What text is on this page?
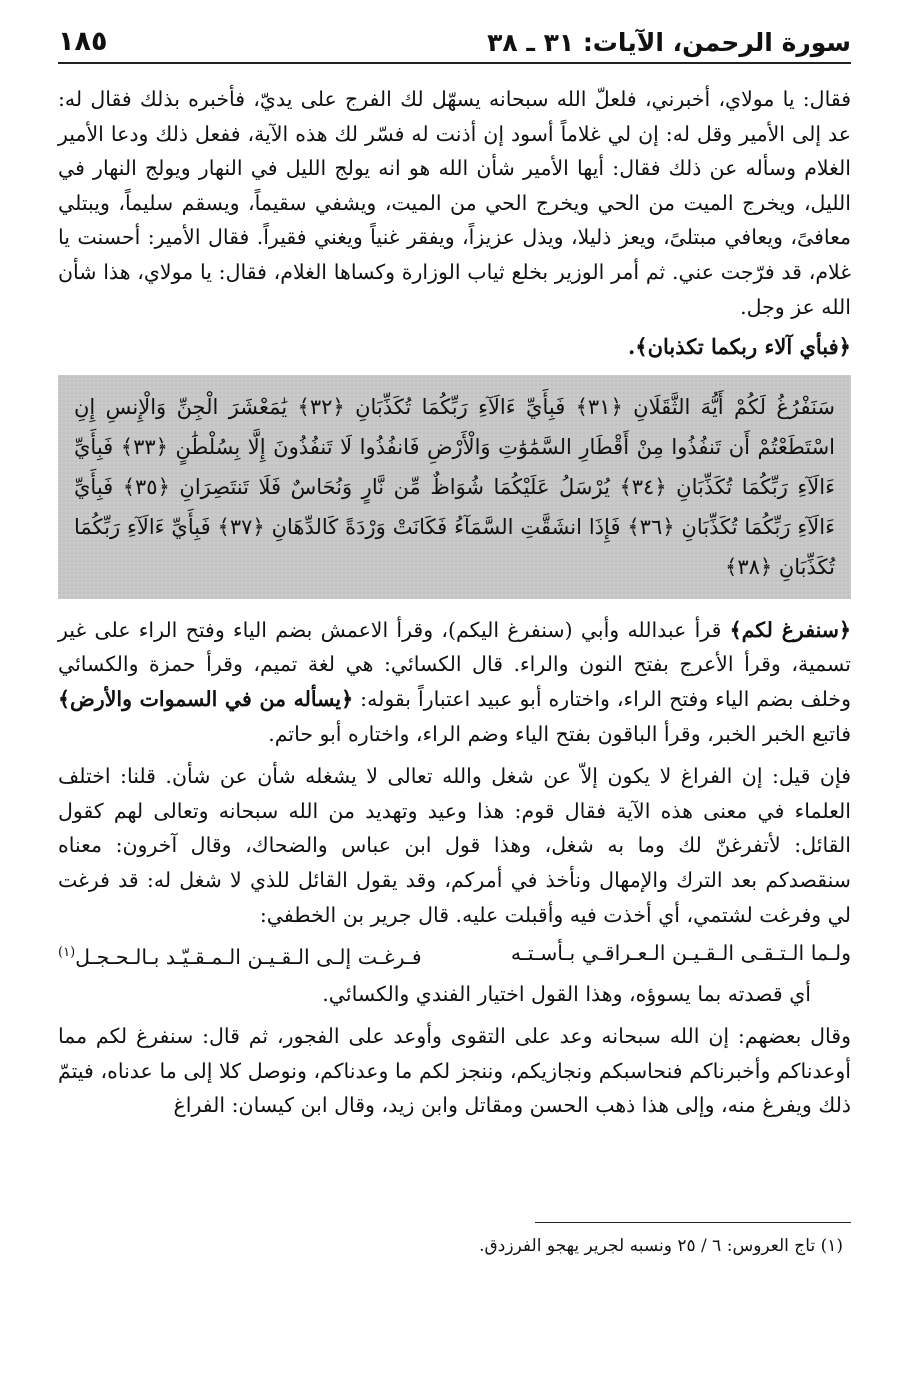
سورة الرحمن، الآيات: ٣١ ـ ٣٨
١٨٥

فقال: يا مولاي، أخبرني، فلعلّ الله سبحانه يسهّل لك الفرج على يديّ، فأخبره بذلك فقال له: عد إلى الأمير وقل له: إن لي غلاماً أسود إن أذنت له فسّر لك هذه الآية، ففعل ذلك ودعا الأمير الغلام وسأله عن ذلك فقال: أيها الأمير شأن الله هو انه يولج الليل في النهار ويولج النهار في الليل، ويخرج الميت من الحي ويخرج الحي من الميت، ويشفي سقيماً، ويسقم سليماً، ويبتلي معافىً، ويعافي مبتلىً، ويعز ذليلا، ويذل عزيزاً، ويفقر غنياً ويغني فقيراً. فقال الأمير: أحسنت يا غلام، قد فرّجت عني. ثم أمر الوزير بخلع ثياب الوزارة وكساها الغلام، فقال: يا مولاي، هذا شأن الله عز وجل.

﴿فبأي آلاء ربكما تكذبان﴾.

سَنَفْرُغُ لَكُمْ أَيُّهَ الثَّقَلَانِ ﴿٣١﴾ فَبِأَيِّ ءَالَآءِ رَبِّكُمَا تُكَذِّبَانِ ﴿٣٢﴾ يَٰمَعْشَرَ الْجِنِّ وَالْإِنسِ إِنِ اسْتَطَعْتُمْ أَن تَنفُذُوا مِنْ أَقْطَارِ السَّمَٰوَٰتِ وَالْأَرْضِ فَانفُذُوا لَا تَنفُذُونَ إِلَّا بِسُلْطَٰنٍ ﴿٣٣﴾ فَبِأَيِّ ءَالَآءِ رَبِّكُمَا تُكَذِّبَانِ ﴿٣٤﴾ يُرْسَلُ عَلَيْكُمَا شُوَاظٌ مِّن نَّارٍ وَنُحَاسٌ فَلَا تَنتَصِرَانِ ﴿٣٥﴾ فَبِأَيِّ ءَالَآءِ رَبِّكُمَا تُكَذِّبَانِ ﴿٣٦﴾ فَإِذَا انشَقَّتِ السَّمَآءُ فَكَانَتْ وَرْدَةً كَالدِّهَانِ ﴿٣٧﴾ فَبِأَيِّ ءَالَآءِ رَبِّكُمَا تُكَذِّبَانِ ﴿٣٨﴾

﴿سنفرغ لكم﴾ قرأ عبدالله وأبي (سنفرغ اليكم)، وقرأ الاعمش بضم الياء وفتح الراء على غير تسمية، وقرأ الأعرج بفتح النون والراء. قال الكسائي: هي لغة تميم، وقرأ حمزة والكسائي وخلف بضم الياء وفتح الراء، واختاره أبو عبيد اعتباراً بقوله: ﴿يسأله من في السموات والأرض﴾ فاتبع الخبر الخبر، وقرأ الباقون بفتح الياء وضم الراء، واختاره أبو حاتم.

فإن قيل: إن الفراغ لا يكون إلاّ عن شغل والله تعالى لا يشغله شأن عن شأن. قلنا: اختلف العلماء في معنى هذه الآية فقال قوم: هذا وعيد وتهديد من الله سبحانه وتعالى لهم كقول القائل: لأتفرغنّ لك وما به شغل، وهذا قول ابن عباس والضحاك، وقال آخرون: معناه سنقصدكم بعد الترك والإمهال ونأخذ في أمركم، وقد يقول القائل للذي لا شغل له: قد فرغت لي وفرغت لشتمي، أي أخذت فيه وأقبلت عليه. قال جرير بن الخطفي:

ولـما الـتـقـى الـقـيـن الـعـراقـي بـأسـتـه
فـرغـت إلـى الـقـيـن الـمـقـيّـد بـالـحـجـل$^{(١)}$

أي قصدته بما يسوؤه، وهذا القول اختيار الفندي والكسائي.

وقال بعضهم: إن الله سبحانه وعد على التقوى وأوعد على الفجور، ثم قال: سنفرغ لكم مما أوعدناكم وأخبرناكم فنحاسبكم ونجازيكم، وننجز لكم ما وعدناكم، ونوصل كلا إلى ما عدناه، فيتمّ ذلك ويفرغ منه، وإلى هذا ذهب الحسن ومقاتل وابن زيد، وقال ابن كيسان: الفراغ

(١) تاج العروس: ٦ / ٢٥ ونسبه لجرير يهجو الفرزدق.
